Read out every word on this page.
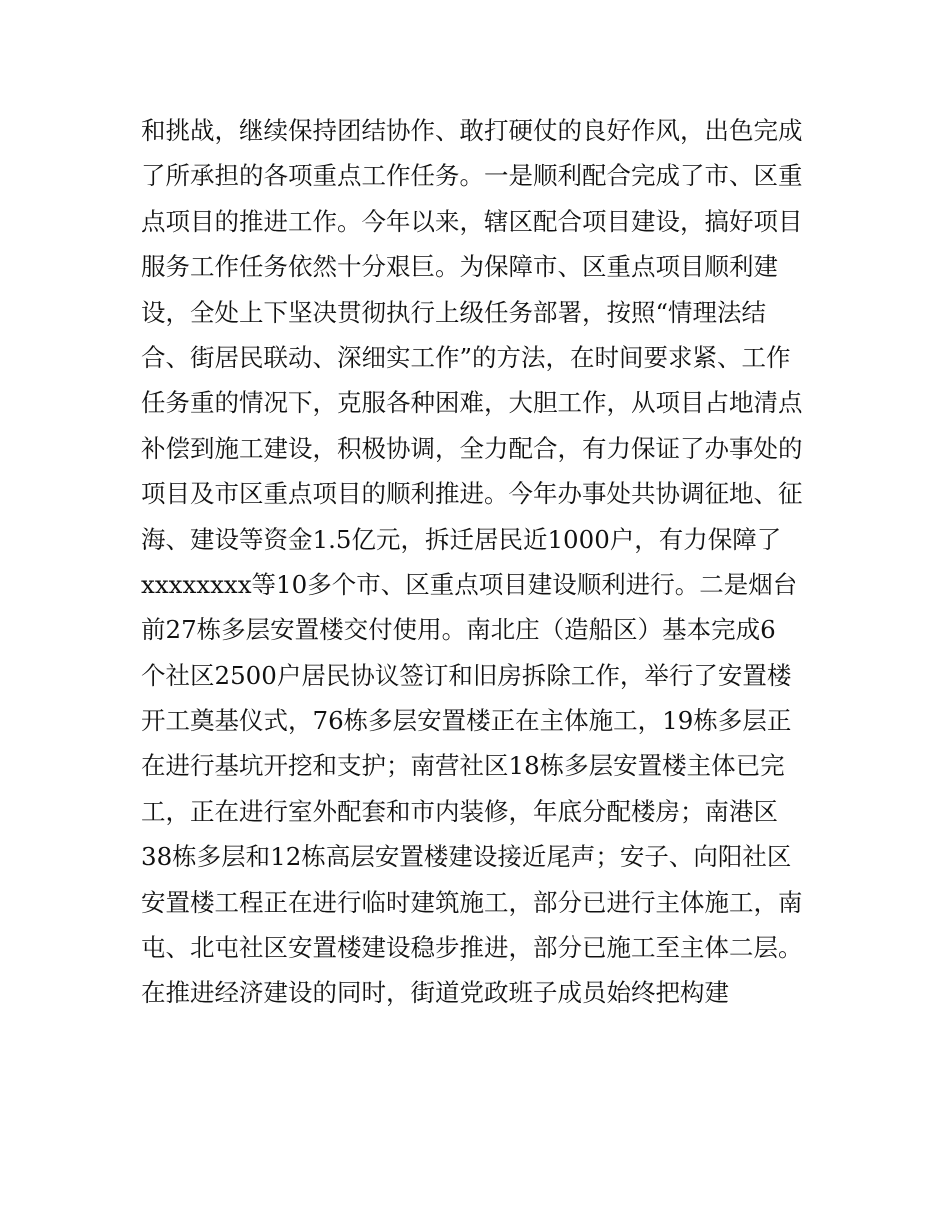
和挑战，继续保持团结协作、敢打硬仗的良好作风，出色完成
了所承担的各项重点工作任务。一是顺利配合完成了市、区重
点项目的推进工作。今年以来，辖区配合项目建设，搞好项目
服务工作任务依然十分艰巨。为保障市、区重点项目顺利建
设，全处上下坚决贯彻执行上级任务部署，按照“情理法结
合、街居民联动、深细实工作”的方法，在时间要求紧、工作
任务重的情况下，克服各种困难，大胆工作，从项目占地清点
补偿到施工建设，积极协调，全力配合，有力保证了办事处的
项目及市区重点项目的顺利推进。今年办事处共协调征地、征
海、建设等资金1.5亿元，拆迁居民近1000户，有力保障了
xxxxxxxx等10多个市、区重点项目建设顺利进行。二是烟台
前27栋多层安置楼交付使用。南北庄（造船区）基本完成6
个社区2500户居民协议签订和旧房拆除工作，举行了安置楼
开工奠基仪式，76栋多层安置楼正在主体施工，19栋多层正
在进行基坑开挖和支护；南营社区18栋多层安置楼主体已完
工，正在进行室外配套和市内装修，年底分配楼房；南港区
38栋多层和12栋高层安置楼建设接近尾声；安子、向阳社区
安置楼工程正在进行临时建筑施工，部分已进行主体施工，南
屯、北屯社区安置楼建设稳步推进，部分已施工至主体二层。
在推进经济建设的同时，街道党政班子成员始终把构建
